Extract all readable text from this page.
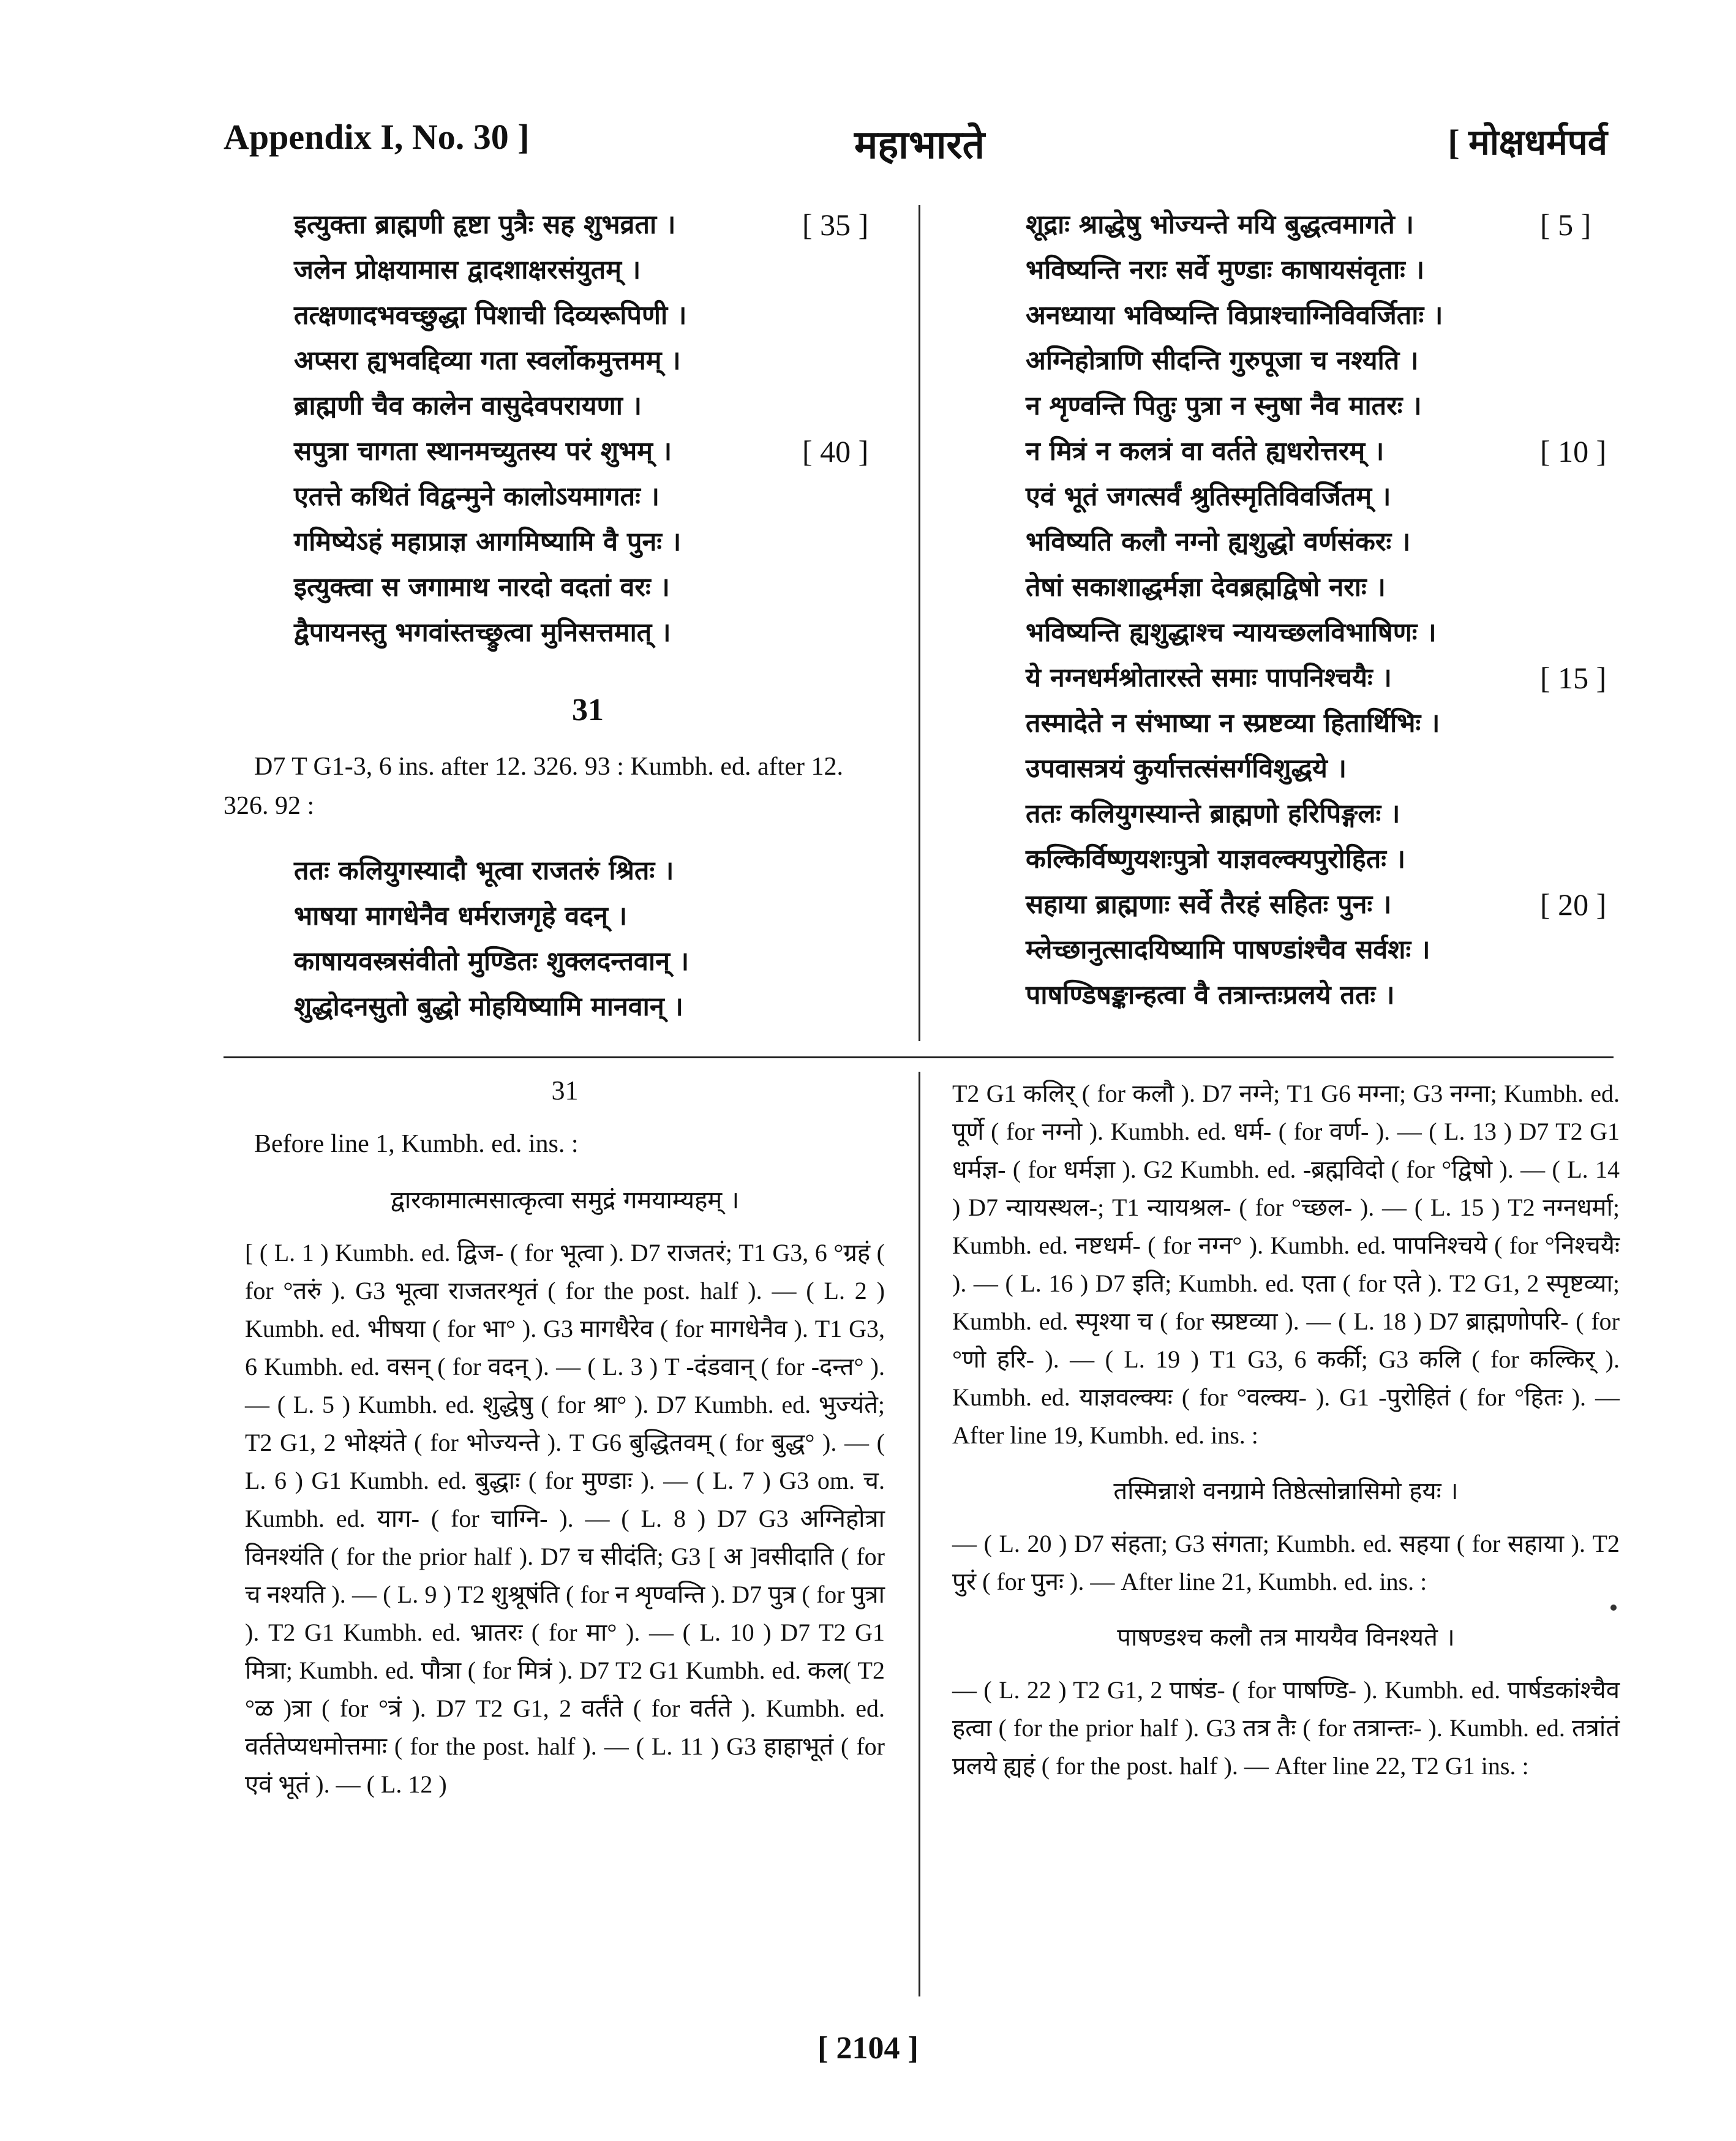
Appendix I, No. 30 ]	महाभारते	[ मोक्षधर्मपर्व
इत्युक्ता ब्राह्मणी हृष्टा पुत्रैः सह शुभव्रता ।	[ 35 ]
जलेन प्रोक्षयामास द्वादशाक्षरसंयुतम् ।
तत्क्षणादभवच्छुद्धा पिशाची दिव्यरूपिणी ।
अप्सरा ह्यभवद्दिव्या गता स्वर्लोकमुत्तमम् ।
ब्राह्मणी चैव कालेन वासुदेवपरायणा ।
सपुत्रा चागता स्थानमच्युतस्य परं शुभम् ।	[ 40 ]
एतत्ते कथितं विद्वन्मुने कालोऽयमागतः ।
गमिष्येऽहं महाप्राज्ञ आगमिष्यामि वै पुनः ।
इत्युक्त्वा स जगामाथ नारदो वदतां वरः ।
द्वैपायनस्तु भगवांस्तच्छ्रुत्वा मुनिसत्तमात् ।
31
D7 T G1-3, 6 ins. after 12. 326. 93 : Kumbh. ed. after 12. 326. 92 :
ततः कलियुगस्यादौ भूत्वा राजतरुं श्रितः ।
भाषया मागधेनैव धर्मराजगृहे वदन् ।
काषायवस्त्रसंवीतो मुण्डितः शुक्लदन्तवान् ।
शुद्धोदनसुतो बुद्धो मोहयिष्यामि मानवान् ।
शूद्राः श्राद्धेषु भोज्यन्ते मयि बुद्धत्वमागते ।	[ 5 ]
भविष्यन्ति नराः सर्वे मुण्डाः काषायसंवृताः ।
अनध्याया भविष्यन्ति विप्राश्चाग्निविवर्जिताः ।
अग्निहोत्राणि सीदन्ति गुरुपूजा च नश्यति ।
न शृण्वन्ति पितुः पुत्रा न स्नुषा नैव मातरः ।
न मित्रं न कलत्रं वा वर्तते ह्यधरोत्तरम् ।	[ 10 ]
एवं भूतं जगत्सर्वं श्रुतिस्मृतिविवर्जितम् ।
भविष्यति कलौ नग्नो ह्यशुद्धो वर्णसंकरः ।
तेषां सकाशाद्धर्मज्ञा देवब्रह्मद्विषो नराः ।
भविष्यन्ति ह्यशुद्धाश्च न्यायच्छलविभाषिणः ।
ये नग्नधर्मश्रोतारस्ते समाः पापनिश्चयैः ।	[ 15 ]
तस्मादेते न संभाष्या न स्प्रष्टव्या हितार्थिभिः ।
उपवासत्रयं कुर्यात्तत्संसर्गविशुद्धये ।
ततः कलियुगस्यान्ते ब्राह्मणो हरिपिङ्गलः ।
कल्किर्विष्णुयशःपुत्रो याज्ञवल्क्यपुरोहितः ।
सहाया ब्राह्मणाः सर्वे तैरहं सहितः पुनः ।	[ 20 ]
म्लेच्छानुत्सादयिष्यामि पाषण्डांश्चैव सर्वशः ।
पाषण्डिषङ्कान्हत्वा वै तत्रान्तःप्रलये ततः ।
31
Before line 1, Kumbh. ed. ins. :
द्वारकामात्मसात्कृत्वा समुद्रं गमयाम्यहम् ।
[ ( L. 1 ) Kumbh. ed. द्विज- ( for भूत्वा ). D7 राजतरं; T1 G3, 6 °ग्रहं ( for °तरुं ). G3 भूत्वा राजतरशृतं ( for the post. half ). — ( L. 2 ) Kumbh. ed. भीषया ( for भा° ). G3 मागधैरेव ( for मागधेनैव ). T1 G3, 6 Kumbh. ed. वसन् ( for वदन् ). — ( L. 3 ) T -दंडवान् ( for -दन्त° ). — ( L. 5 ) Kumbh. ed. शुद्धेषु ( for श्रा° ). D7 Kumbh. ed. भुज्यंते; T2 G1, 2 भोक्ष्यंते ( for भोज्यन्ते ). T G6 बुद्धितवम् ( for बुद्ध° ). — ( L. 6 ) G1 Kumbh. ed. बुद्धाः ( for मुण्डाः ). — ( L. 7 ) G3 om. च. Kumbh. ed. याग- ( for चाग्नि- ). — ( L. 8 ) D7 G3 अग्निहोत्रा विनश्यंति ( for the prior half ). D7 च सीदंति; G3 [ अ ]वसीदाति ( for च नश्यति ). — ( L. 9 ) T2 शुश्रूषंति ( for न शृण्वन्ति ). D7 पुत्र ( for पुत्रा ). T2 G1 Kumbh. ed. भ्रातरः ( for मा° ). — ( L. 10 ) D7 T2 G1 मित्रा; Kumbh. ed. पौत्रा ( for मित्रं ). D7 T2 G1 Kumbh. ed. कल( T2 °ळ )त्रा ( for °त्रं ). D7 T2 G1, 2 वर्तंते ( for वर्तते ). Kumbh. ed. वर्ततेप्यधमोत्तमाः ( for the post. half ). — ( L. 11 ) G3 हाहाभूतं ( for एवं भूतं ). — ( L. 12 )
T2 G1 कलिर् ( for कलौ ). D7 नग्ने; T1 G6 मग्ना; G3 नग्ना; Kumbh. ed. पूर्णे ( for नग्नो ). Kumbh. ed. धर्म- ( for वर्ण- ). — ( L. 13 ) D7 T2 G1 धर्मज्ञ- ( for धर्मज्ञा ). G2 Kumbh. ed. -ब्रह्मविदो ( for °द्विषो ). — ( L. 14 ) D7 न्यायस्थल-; T1 न्यायश्रल- ( for °च्छल- ). — ( L. 15 ) T2 नग्नधर्मा; Kumbh. ed. नष्टधर्म- ( for नग्न° ). Kumbh. ed. पापनिश्चये ( for °निश्चयैः ). — ( L. 16 ) D7 इति; Kumbh. ed. एता ( for एते ). T2 G1, 2 स्पृष्टव्या; Kumbh. ed. स्पृश्या च ( for स्प्रष्टव्या ). — ( L. 18 ) D7 ब्राह्मणोपरि- ( for °णो हरि- ). — ( L. 19 ) T1 G3, 6 कर्की; G3 कलि ( for कल्किर् ). Kumbh. ed. याज्ञवल्क्यः ( for °वल्क्य- ). G1 -पुरोहितं ( for °हितः ). — After line 19, Kumbh. ed. ins. :
तस्मिन्नाशे वनग्रामे तिष्ठेत्सोन्नासिमो हयः ।
— ( L. 20 ) D7 संहता; G3 संगता; Kumbh. ed. सहया ( for सहाया ). T2 पुरं ( for पुनः ). — After line 21, Kumbh. ed. ins. :
पाषण्डश्च कलौ तत्र माययैव विनश्यते ।
— ( L. 22 ) T2 G1, 2 पाषंड- ( for पाषण्डि- ). Kumbh. ed. पार्षडकांश्चैव हत्वा ( for the prior half ). G3 तत्र तैः ( for तत्रान्तः- ). Kumbh. ed. तत्रांतं प्रलये ह्यहं ( for the post. half ). — After line 22, T2 G1 ins. :
[ 2104 ]
